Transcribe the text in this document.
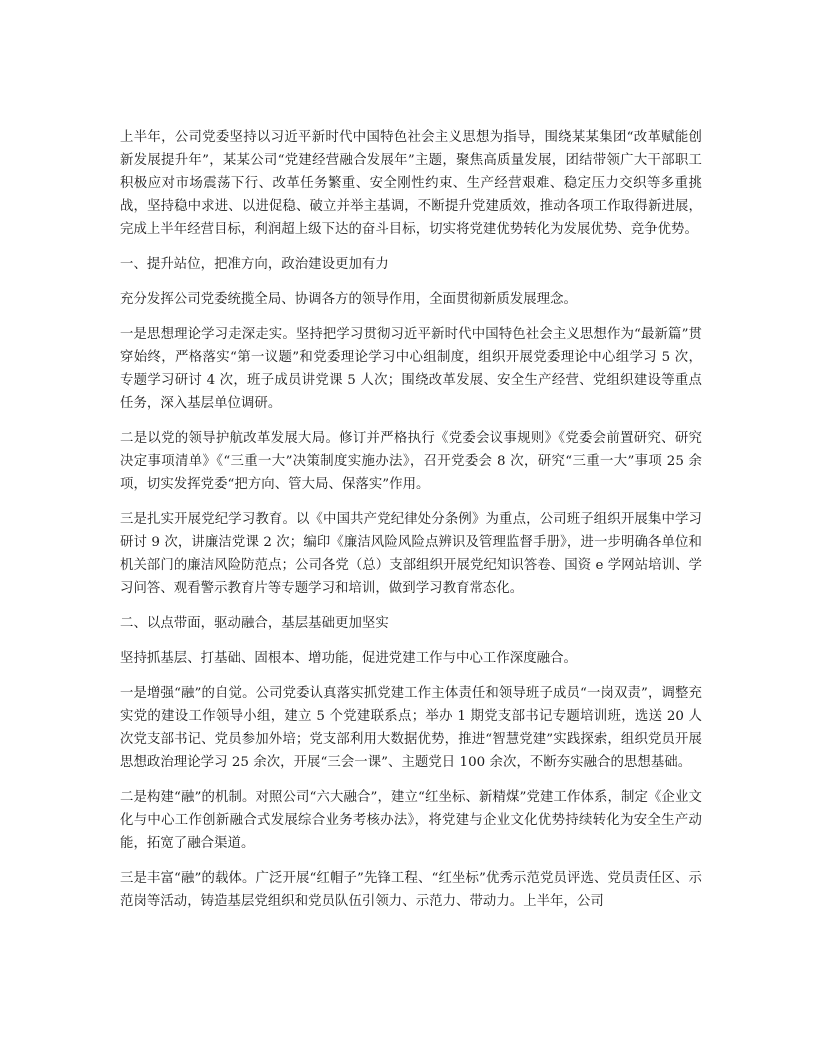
上半年，公司党委坚持以习近平新时代中国特色社会主义思想为指导，围绕某某集团“改革赋能创新发展提升年”，某某公司“党建经营融合发展年”主题，聚焦高质量发展，团结带领广大干部职工积极应对市场震荡下行、改革任务繁重、安全刚性约束、生产经营艰难、稳定压力交织等多重挑战，坚持稳中求进、以进促稳、破立并举主基调，不断提升党建质效，推动各项工作取得新进展，完成上半年经营目标，利润超上级下达的奋斗目标，切实将党建优势转化为发展优势、竞争优势。

一、提升站位，把准方向，政治建设更加有力

充分发挥公司党委统揽全局、协调各方的领导作用，全面贯彻新质发展理念。

一是思想理论学习走深走实。坚持把学习贯彻习近平新时代中国特色社会主义思想作为“最新篇”贯穿始终，严格落实“第一议题”和党委理论学习中心组制度，组织开展党委理论中心组学习 5 次，专题学习研讨 4 次，班子成员讲党课 5 人次；围绕改革发展、安全生产经营、党组织建设等重点任务，深入基层单位调研。

二是以党的领导护航改革发展大局。修订并严格执行《党委会议事规则》《党委会前置研究、研究决定事项清单》《“三重一大”决策制度实施办法》，召开党委会 8 次，研究“三重一大”事项 25 余项，切实发挥党委“把方向、管大局、保落实”作用。

三是扎实开展党纪学习教育。以《中国共产党纪律处分条例》为重点，公司班子组织开展集中学习研讨 9 次，讲廉洁党课 2 次；编印《廉洁风险风险点辨识及管理监督手册》，进一步明确各单位和机关部门的廉洁风险防范点；公司各党（总）支部组织开展党纪知识答卷、国资 e 学网站培训、学习问答、观看警示教育片等专题学习和培训，做到学习教育常态化。

二、以点带面，驱动融合，基层基础更加坚实

坚持抓基层、打基础、固根本、增功能，促进党建工作与中心工作深度融合。

一是增强“融”的自觉。公司党委认真落实抓党建工作主体责任和领导班子成员“一岗双责”，调整充实党的建设工作领导小组，建立 5 个党建联系点；举办 1 期党支部书记专题培训班，选送 20 人次党支部书记、党员参加外培；党支部利用大数据优势，推进“智慧党建”实践探索，组织党员开展思想政治理论学习 25 余次，开展“三会一课”、主题党日 100 余次，不断夯实融合的思想基础。

二是构建“融”的机制。对照公司“六大融合”，建立“红坐标、新精煤”党建工作体系，制定《企业文化与中心工作创新融合式发展综合业务考核办法》，将党建与企业文化优势持续转化为安全生产动能，拓宽了融合渠道。

三是丰富“融”的载体。广泛开展“红帽子”先锋工程、“红坐标”优秀示范党员评选、党员责任区、示范岗等活动，铸造基层党组织和党员队伍引领力、示范力、带动力。上半年，公司
